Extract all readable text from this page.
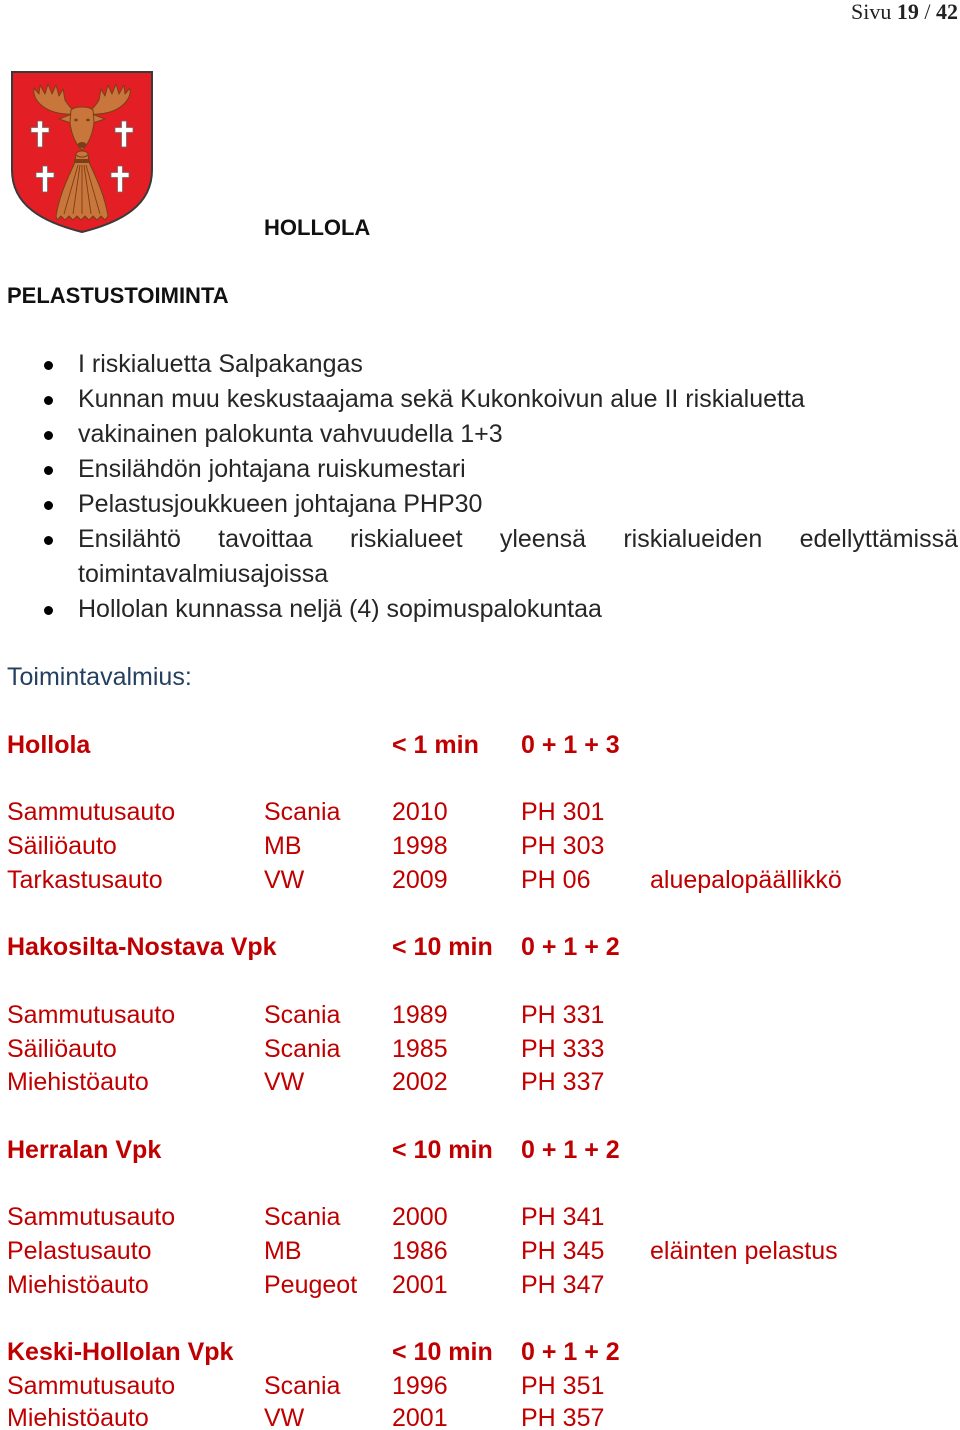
Sivu 19 / 42
HOLLOLA
PELASTUSTOIMINTA
I riskialuetta Salpakangas
Kunnan muu keskustaajama sekä Kukonkoivun alue II riskialuetta
vakinainen palokunta vahvuudella 1+3
Ensilähdön johtajana ruiskumestari
Pelastusjoukkueen johtajana PHP30
Ensilähtö tavoittaa riskialueet yleensä riskialueiden edellyttämissä toimintavalmiusajoissa
Hollolan kunnassa neljä (4) sopimuspalokuntaa
Toimintavalmius:
Hollola	< 1 min 0 + 1 + 3
Sammutusauto	Scania 2010	PH 301
Säiliöauto	MB	1998	PH 303
Tarkastusauto	VW	2009	PH 06 aluepalopäällikkö
Hakosilta-Nostava Vpk	< 10 min 0 + 1 + 2
Sammutusauto	Scania 1989	PH 331
Säiliöauto	Scania 1985	PH 333
Miehistöauto	VW	2002	PH 337
Herralan Vpk	< 10 min 0 + 1 + 2
Sammutusauto	Scania 2000	PH 341
Pelastusauto	MB	1986	PH 345 eläinten pelastus
Miehistöauto	Peugeot 2001	PH 347
Keski-Hollolan Vpk	< 10 min 0 + 1 + 2
Sammutusauto	Scania 1996	PH 351
Miehistöauto	VW	2001	PH 357
